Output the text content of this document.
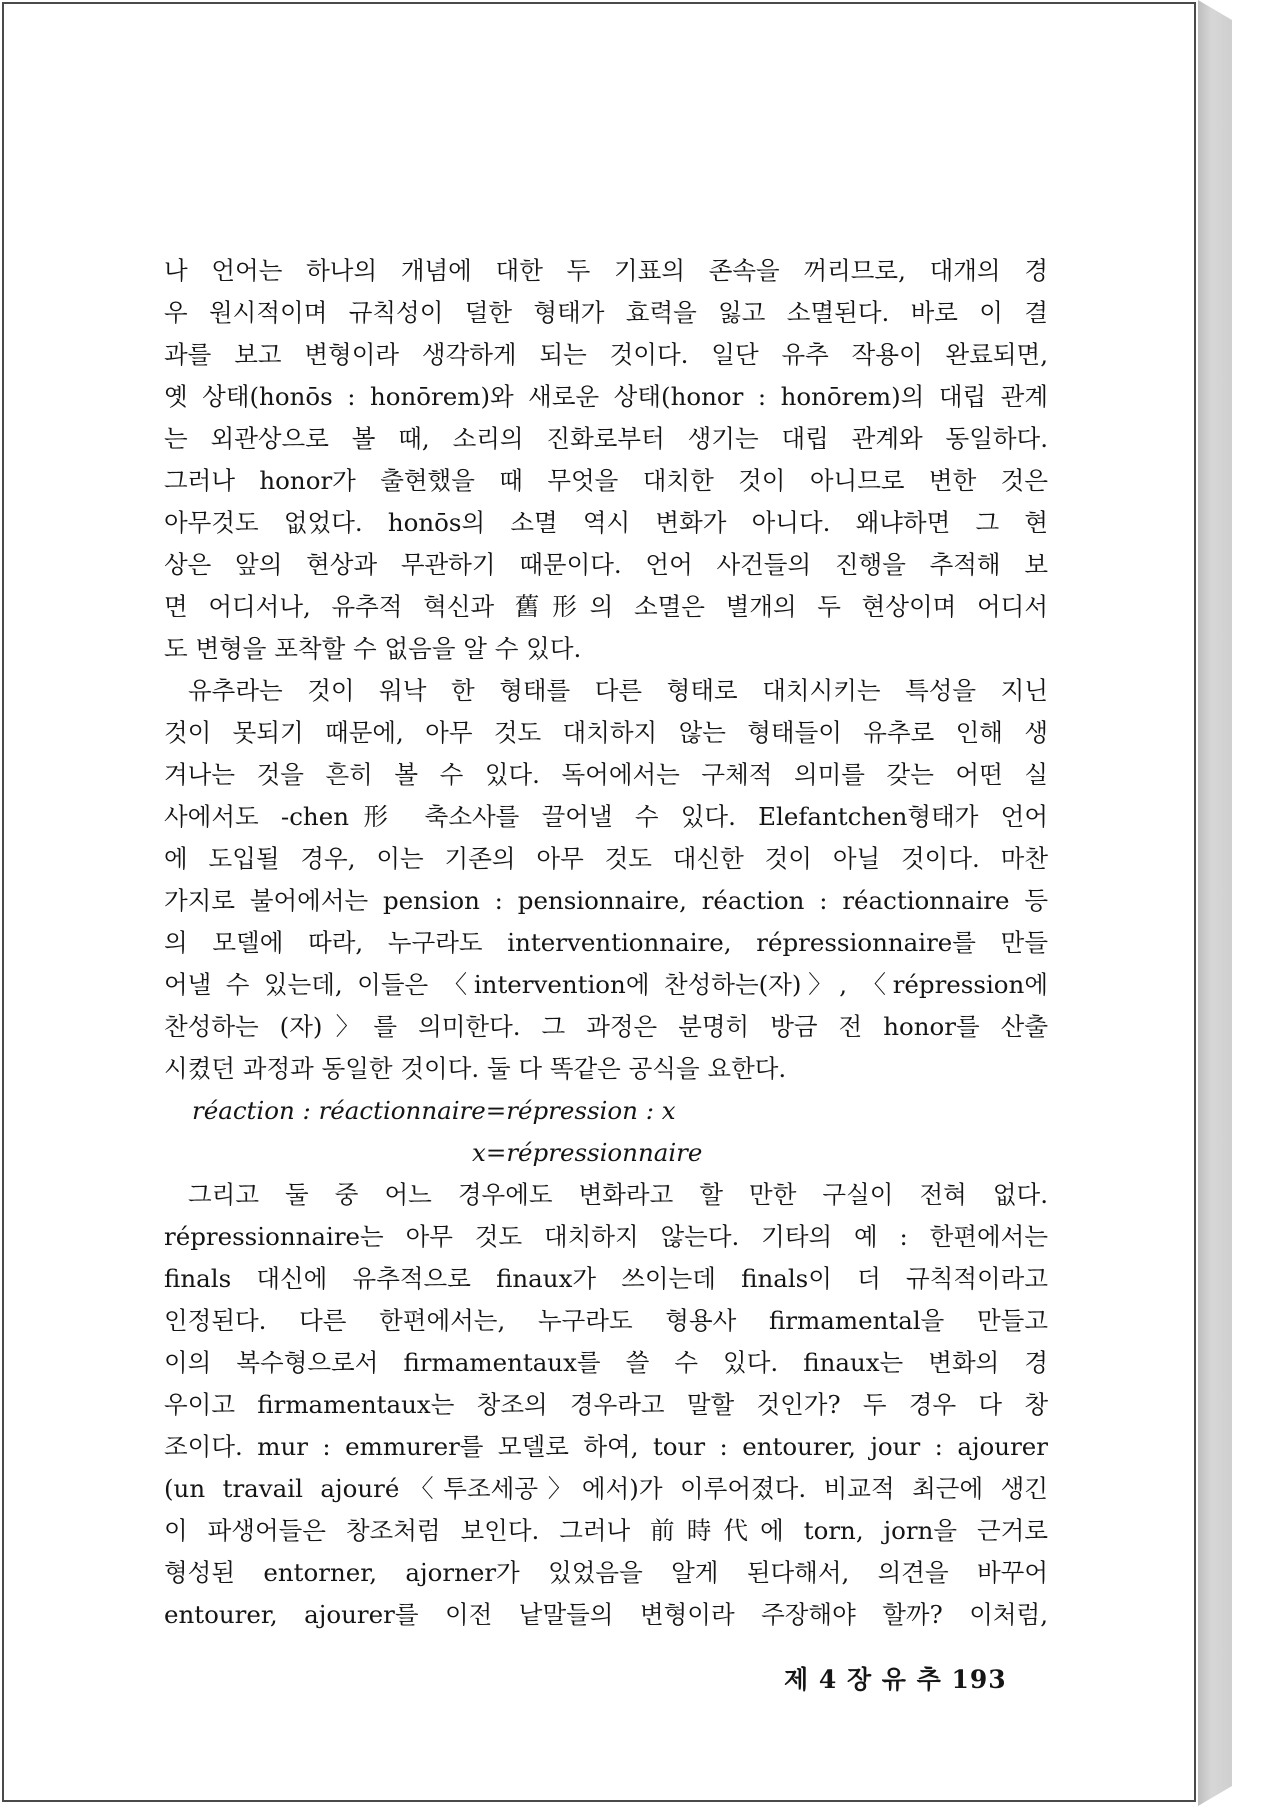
나 언어는 하나의 개념에 대한 두 기표의 존속을 꺼리므로, 대개의 경
우 원시적이며 규칙성이 덜한 형태가 효력을 잃고 소멸된다. 바로 이 결
과를 보고 변형이라 생각하게 되는 것이다. 일단 유추 작용이 완료되면,
옛 상태(honōs : honōrem)와 새로운 상태(honor : honōrem)의 대립 관계
는 외관상으로 볼 때, 소리의 진화로부터 생기는 대립 관계와 동일하다.
그러나 honor가 출현했을 때 무엇을 대치한 것이 아니므로 변한 것은
아무것도 없었다. honōs의 소멸 역시 변화가 아니다. 왜냐하면 그 현
상은 앞의 현상과 무관하기 때문이다. 언어 사건들의 진행을 추적해 보
면 어디서나, 유추적 혁신과 舊形의 소멸은 별개의 두 현상이며 어디서
도 변형을 포착할 수 없음을 알 수 있다.
유추라는 것이 워낙 한 형태를 다른 형태로 대치시키는 특성을 지닌
것이 못되기 때문에, 아무 것도 대치하지 않는 형태들이 유추로 인해 생
겨나는 것을 흔히 볼 수 있다. 독어에서는 구체적 의미를 갖는 어떤 실
사에서도 -chen形 축소사를 끌어낼 수 있다. Elefantchen형태가 언어
에 도입될 경우, 이는 기존의 아무 것도 대신한 것이 아닐 것이다. 마찬
가지로 불어에서는 pension : pensionnaire, réaction : réactionnaire 등
의 모델에 따라, 누구라도 interventionnaire, répressionnaire를 만들
어낼 수 있는데, 이들은 〈intervention에 찬성하는(자)〉, 〈répression에
찬성하는 (자)〉를 의미한다. 그 과정은 분명히 방금 전 honor를 산출
시켰던 과정과 동일한 것이다. 둘 다 똑같은 공식을 요한다.
réaction : réactionnaire=répression : x
x=répressionnaire
그리고 둘 중 어느 경우에도 변화라고 할 만한 구실이 전혀 없다.
répressionnaire는 아무 것도 대치하지 않는다. 기타의 예 : 한편에서는
finals 대신에 유추적으로 finaux가 쓰이는데 finals이 더 규칙적이라고
인정된다. 다른 한편에서는, 누구라도 형용사 firmamental을 만들고
이의 복수형으로서 firmamentaux를 쓸 수 있다. finaux는 변화의 경
우이고 firmamentaux는 창조의 경우라고 말할 것인가? 두 경우 다 창
조이다. mur : emmurer를 모델로 하여, tour : entourer, jour : ajourer
(un travail ajouré〈투조세공〉에서)가 이루어졌다. 비교적 최근에 생긴
이 파생어들은 창조처럼 보인다. 그러나 前時代에 torn, jorn을 근거로
형성된 entorner, ajorner가 있었음을 알게 된다해서, 의견을 바꾸어
entourer, ajourer를 이전 낱말들의 변형이라 주장해야 할까? 이처럼,
제 4 장 유 추 193
